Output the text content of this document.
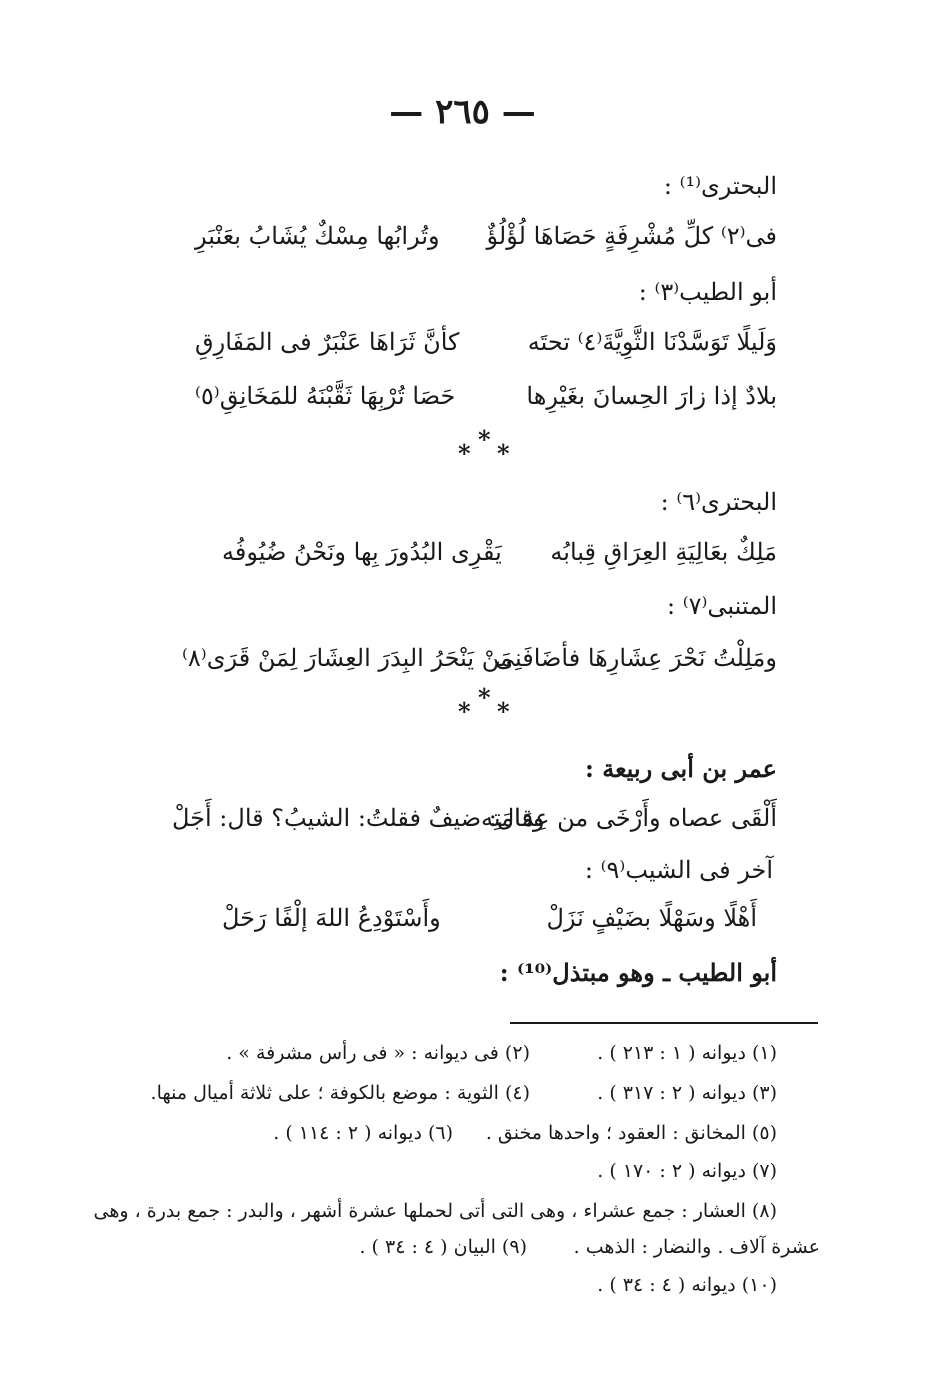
— ٢٦٥ —
البحترى⁽¹⁾ :
فى⁽٢⁾ كلِّ مُشْرِفَةٍ حَصَاهَا لُؤْلُؤٌ
وتُرابُها مِسْكٌ يُشَابُ بعَنْبَرِ
أبو الطيب⁽٣⁾ :
وَلَيلًا تَوَسَّدْنَا الثَّوِيَّةَ⁽٤⁾ تحتَه
كأنَّ ثَرَاهَا عَنْبَرٌ فى المَفَارِقِ
بلادٌ إذا زارَ الحِسانَ بغَيْرِها
حَصَا تُرْبِهَا ثَقَّبْنَهُ للمَخَانِقِ⁽٥⁾
*
* *
البحترى⁽٦⁾ :
مَلِكٌ بعَالِيَةِ العِرَاقِ قِبابُه
يَقْرِى البُدُورَ بِها ونَحْنُ ضُيُوفُه
المتنبى⁽٧⁾ :
ومَلِلْتُ نَحْرَ عِشَارِهَا فأضَافَنِى
مَنْ يَنْحَرُ البِدَرَ العِشَارَ لِمَنْ قَرَى⁽٨⁾
*
* *
عمر بن أبى ربيعة :
أَلْقَى عصاه وأَرْخَى من عِمَامَتِه
وقال: ضيفٌ فقلتُ: الشيبُ؟ قال: أَجَلْ
آخر فى الشيب⁽٩⁾ :
أَهْلًا وسَهْلًا بضَيْفٍ نَزَلْ
وأَسْتَوْدِعُ اللهَ إلْفًا رَحَلْ
أبو الطيب ـ وهو مبتذل⁽¹⁰⁾ :
(١) ديوانه ( ١ : ٢١٣ ) .
(٢) فى ديوانه : « فى رأس مشرفة » .
(٣) ديوانه ( ٢ : ٣١٧ ) .
(٤) الثوية : موضع بالكوفة ؛ على ثلاثة أميال منها.
(٥) المخانق : العقود ؛ واحدها مخنق .
(٦) ديوانه ( ٢ : ١١٤ ) .
(٧) ديوانه ( ٢ : ١٧٠ ) .
(٨) العشار : جمع عشراء ، وهى التى أتى لحملها عشرة أشهر ، والبدر : جمع بدرة ، وهى
عشرة آلاف . والنضار : الذهب .
(٩) البيان ( ٤ : ٣٤ ) .
(١٠) ديوانه ( ٤ : ٣٤ ) .
